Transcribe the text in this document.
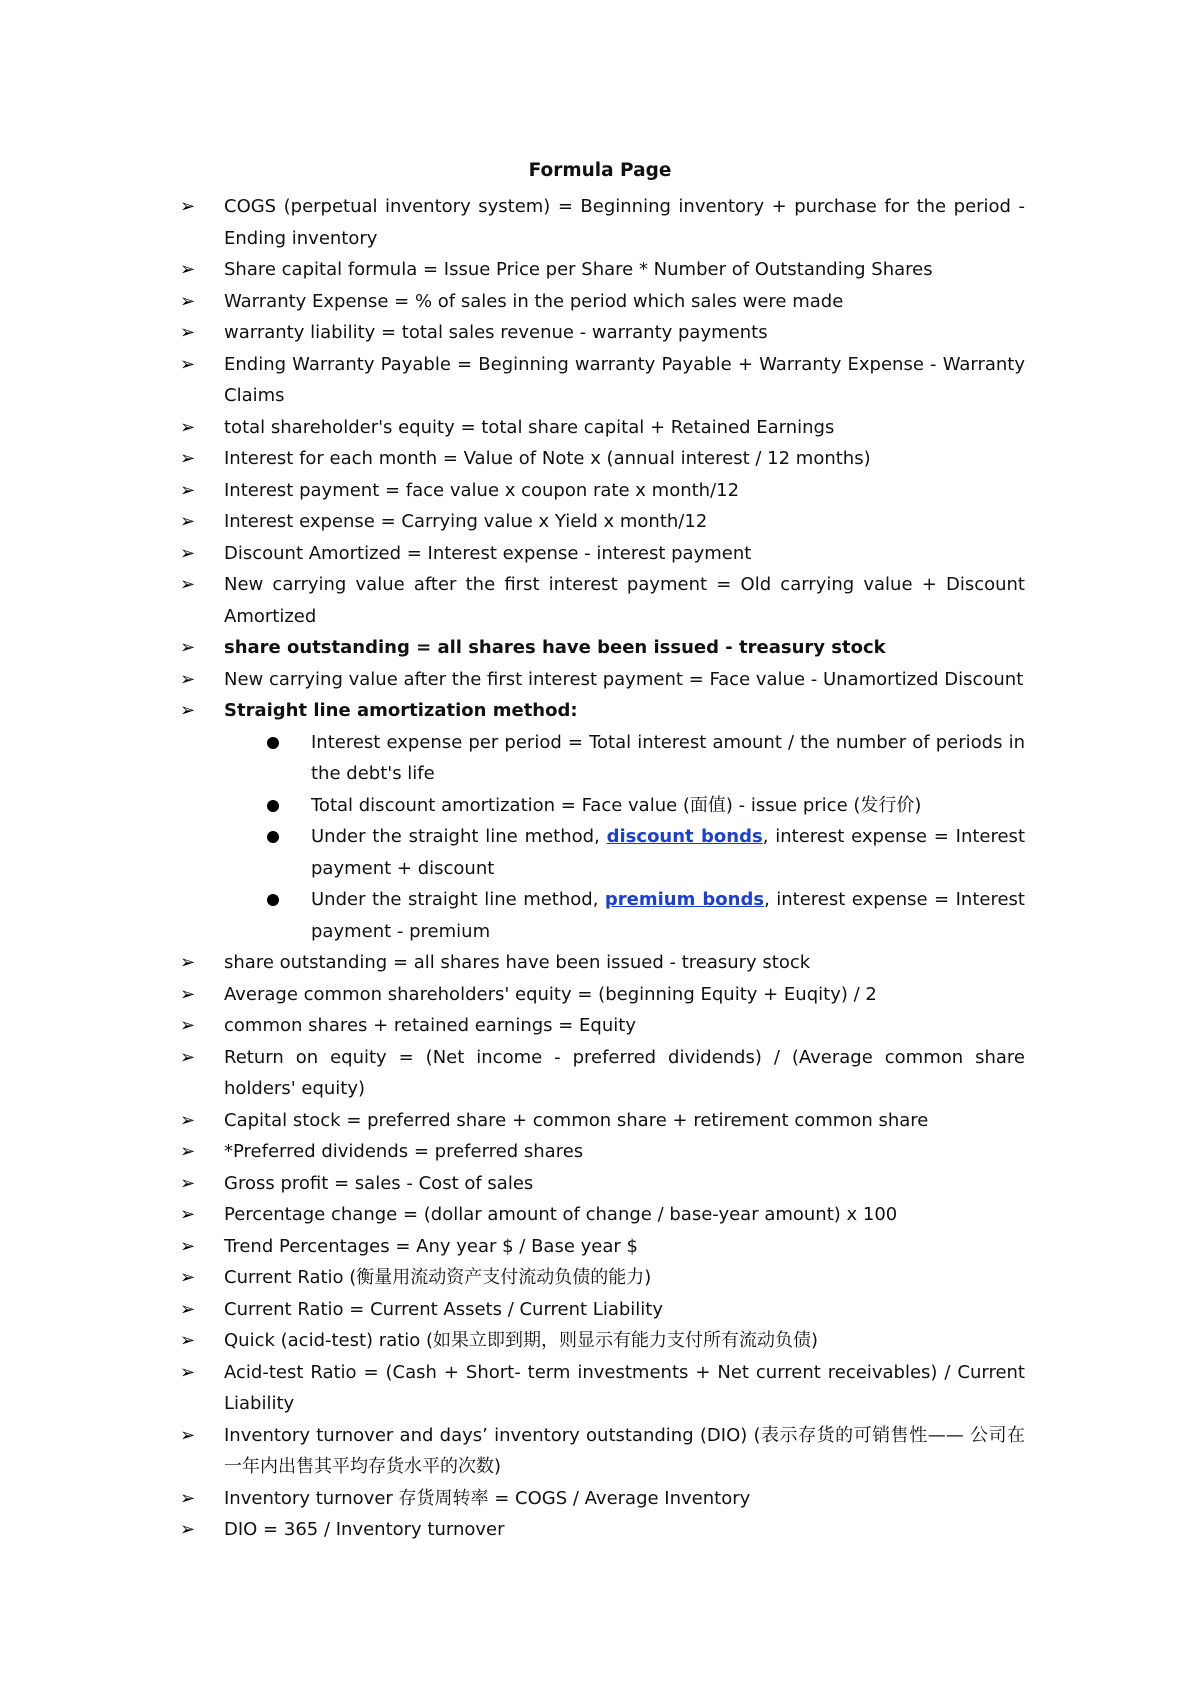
Formula Page
➢ COGS (perpetual inventory system) = Beginning inventory + purchase for the period - Ending inventory
➢ Share capital formula = Issue Price per Share * Number of Outstanding Shares
➢ Warranty Expense = % of sales in the period which sales were made
➢ warranty liability = total sales revenue - warranty payments
➢ Ending Warranty Payable = Beginning warranty Payable + Warranty Expense - Warranty Claims
➢ total shareholder's equity = total share capital + Retained Earnings
➢ Interest for each month = Value of Note x (annual interest / 12 months)
➢ Interest payment = face value x coupon rate x month/12
➢ Interest expense = Carrying value x Yield x month/12
➢ Discount Amortized = Interest expense - interest payment
➢ New carrying value after the first interest payment = Old carrying value + Discount Amortized
➢ share outstanding = all shares have been issued - treasury stock
➢ New carrying value after the first interest payment = Face value - Unamortized Discount
➢ Straight line amortization method:
Interest expense per period = Total interest amount / the number of periods in the debt's life
Total discount amortization = Face value (面值) - issue price (发行价)
Under the straight line method, discount bonds, interest expense = Interest payment + discount
Under the straight line method, premium bonds, interest expense = Interest payment - premium
➢ share outstanding = all shares have been issued - treasury stock
➢ Average common shareholders' equity = (beginning Equity + Euqity) / 2
➢ common shares + retained earnings = Equity
➢ Return on equity = (Net income - preferred dividends) / (Average common share holders' equity)
➢ Capital stock = preferred share + common share + retirement common share
➢ *Preferred dividends = preferred shares
➢ Gross profit = sales - Cost of sales
➢ Percentage change = (dollar amount of change / base-year amount) x 100
➢ Trend Percentages = Any year $ / Base year $
➢ Current Ratio (衡量用流动资产支付流动负债的能力)
➢ Current Ratio = Current Assets / Current Liability
➢ Quick (acid-test) ratio (如果立即到期，则显示有能力支付所有流动负债)
➢ Acid-test Ratio = (Cash + Short- term investments + Net current receivables) / Current Liability
➢ Inventory turnover and days’ inventory outstanding (DIO) (表示存货的可销售性—— 公司在一年内出售其平均存货水平的次数)
➢ Inventory turnover 存货周转率 = COGS / Average Inventory
➢ DIO = 365 / Inventory turnover
